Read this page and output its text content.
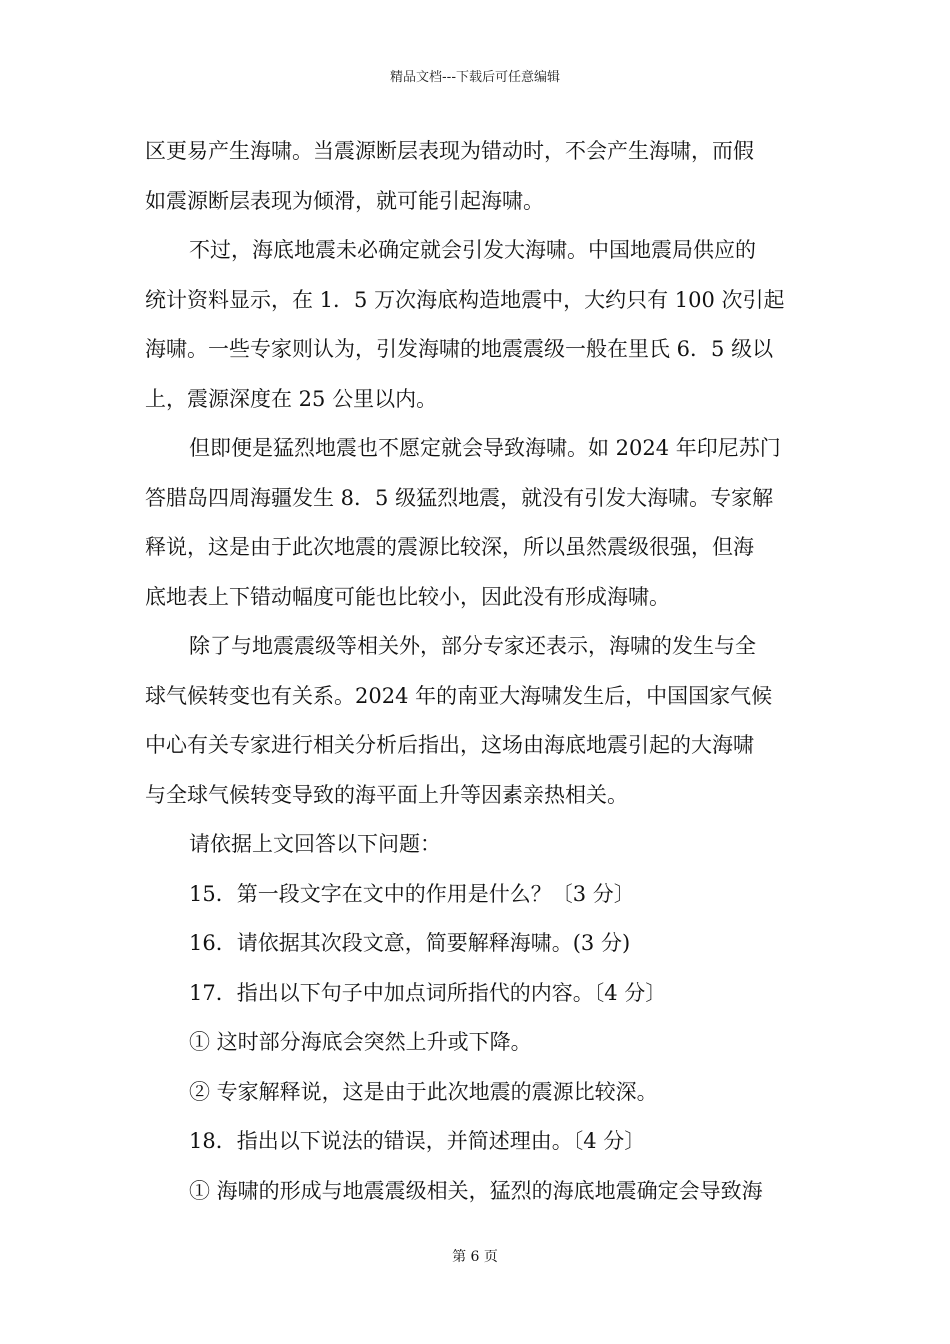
精品文档---下载后可任意编辑
区更易产生海啸。当震源断层表现为错动时，不会产生海啸，而假
如震源断层表现为倾滑，就可能引起海啸。
不过，海底地震未必确定就会引发大海啸。中国地震局供应的
统计资料显示，在 1．5 万次海底构造地震中，大约只有 100 次引起
海啸。一些专家则认为，引发海啸的地震震级一般在里氏 6．5 级以
上，震源深度在 25 公里以内。
但即便是猛烈地震也不愿定就会导致海啸。如 2024 年印尼苏门
答腊岛四周海疆发生 8．5 级猛烈地震，就没有引发大海啸。专家解
释说，这是由于此次地震的震源比较深，所以虽然震级很强，但海
底地表上下错动幅度可能也比较小，因此没有形成海啸。
除了与地震震级等相关外，部分专家还表示，海啸的发生与全
球气候转变也有关系。2024 年的南亚大海啸发生后，中国国家气候
中心有关专家进行相关分析后指出，这场由海底地震引起的大海啸
与全球气候转变导致的海平面上升等因素亲热相关。
请依据上文回答以下问题：
15．第一段文字在文中的作用是什么？〔3 分〕
16．请依据其次段文意，简要解释海啸。(3 分)
17．指出以下句子中加点词所指代的内容。〔4 分〕
① 这时部分海底会突然上升或下降。
② 专家解释说，这是由于此次地震的震源比较深。
18．指出以下说法的错误，并简述理由。〔4 分〕
① 海啸的形成与地震震级相关，猛烈的海底地震确定会导致海
第 6 页
